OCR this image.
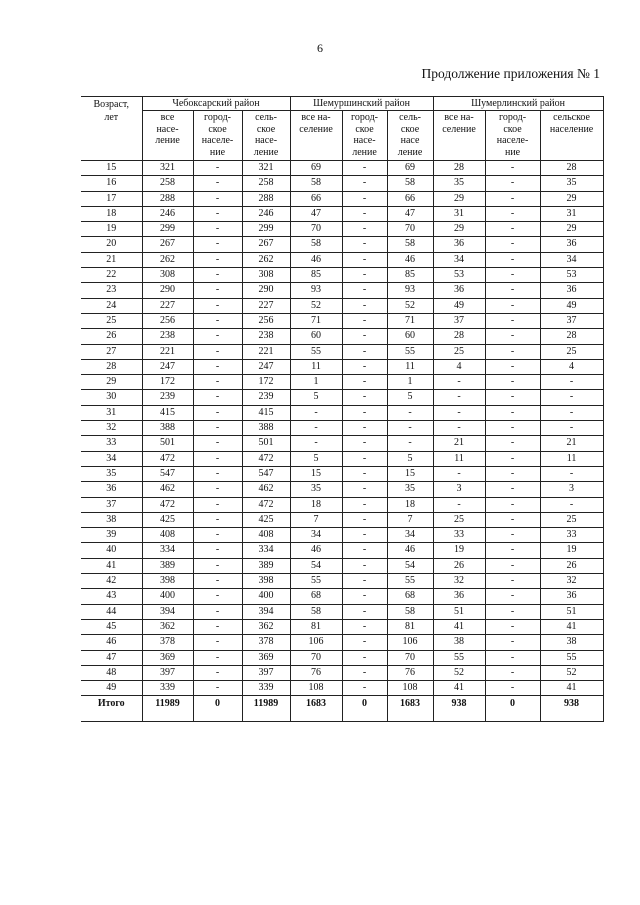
6
Продолжение приложения № 1
Возраст,
лет	Чебоксарский район			Шемуршинский район			Шумерлинский район		
	все
насе-
ление	город-
ское
населе-
ние	сель-
ское
насе-
ление	все на-
селение	город-
ское
насе-
ление	сель-
ское
насе
ление	все на-
селение	город-
ское
населе-
ние	сельское
население
15	321	-	321	69	-	69	28	-	28
16	258	-	258	58	-	58	35	-	35
17	288	-	288	66	-	66	29	-	29
18	246	-	246	47	-	47	31	-	31
19	299	-	299	70	-	70	29	-	29
20	267	-	267	58	-	58	36	-	36
21	262	-	262	46	-	46	34	-	34
22	308	-	308	85	-	85	53	-	53
23	290	-	290	93	-	93	36	-	36
24	227	-	227	52	-	52	49	-	49
25	256	-	256	71	-	71	37	-	37
26	238	-	238	60	-	60	28	-	28
27	221	-	221	55	-	55	25	-	25
28	247	-	247	11	-	11	4	-	4
29	172	-	172	1	-	1	-	-	-
30	239	-	239	5	-	5	-	-	-
31	415	-	415	-	-	-	-	-	-
32	388	-	388	-	-	-	-	-	-
33	501	-	501	-	-	-	21	-	21
34	472	-	472	5	-	5	11	-	11
35	547	-	547	15	-	15	-	-	-
36	462	-	462	35	-	35	3	-	3
37	472	-	472	18	-	18	-	-	-
38	425	-	425	7	-	7	25	-	25
39	408	-	408	34	-	34	33	-	33
40	334	-	334	46	-	46	19	-	19
41	389	-	389	54	-	54	26	-	26
42	398	-	398	55	-	55	32	-	32
43	400	-	400	68	-	68	36	-	36
44	394	-	394	58	-	58	51	-	51
45	362	-	362	81	-	81	41	-	41
46	378	-	378	106	-	106	38	-	38
47	369	-	369	70	-	70	55	-	55
48	397	-	397	76	-	76	52	-	52
49	339	-	339	108	-	108	41	-	41
Итого	11989	0	11989	1683	0	1683	938	0	938
